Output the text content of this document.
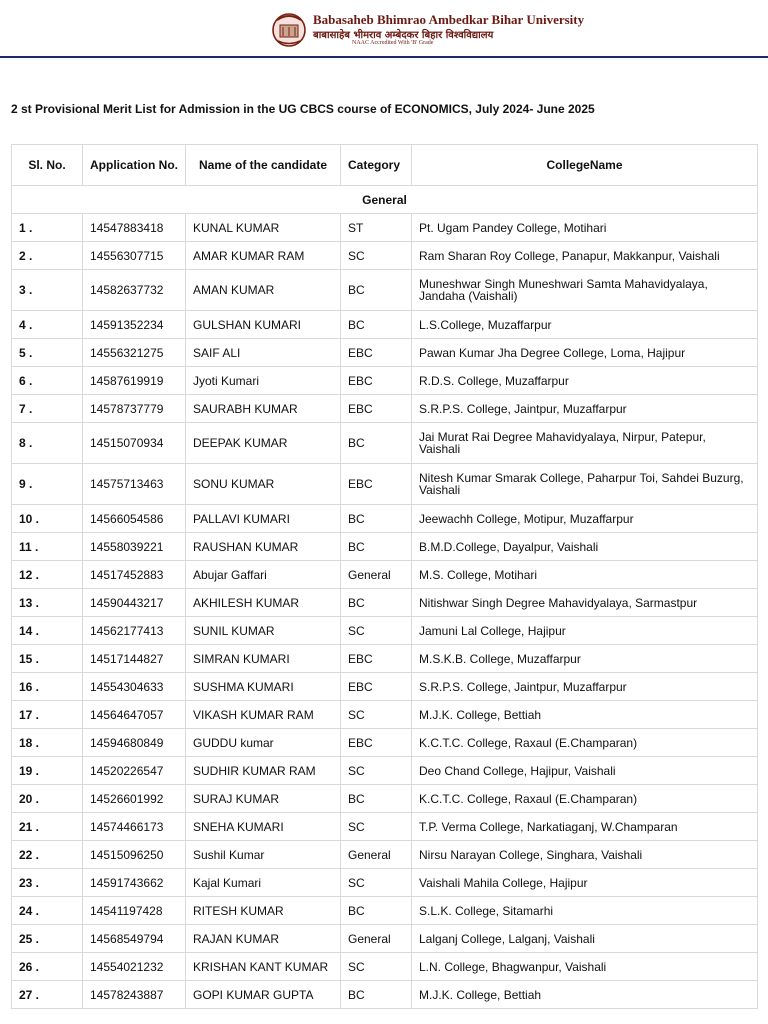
Babasaheb Bhimrao Ambedkar Bihar University
बाबासाहेब भीमराव अम्बेदकर बिहार विश्वविद्यालय
NAAC Accredited With 'B' Grade
2 st Provisional Merit List for Admission in the UG CBCS course of ECONOMICS, July 2024- June 2025
Sl. No.	Application No.	Name of the candidate	Category	CollegeName
General				
1 .	14547883418	KUNAL KUMAR	ST	Pt. Ugam Pandey College, Motihari
2 .	14556307715	AMAR KUMAR RAM	SC	Ram Sharan Roy College, Panapur, Makkanpur, Vaishali
3 .	14582637732	AMAN KUMAR	BC	Muneshwar Singh Muneshwari Samta Mahavidyalaya, Jandaha (Vaishali)
4 .	14591352234	GULSHAN KUMARI	BC	L.S.College, Muzaffarpur
5 .	14556321275	SAIF ALI	EBC	Pawan Kumar Jha Degree College, Loma, Hajipur
6 .	14587619919	Jyoti Kumari	EBC	R.D.S. College, Muzaffarpur
7 .	14578737779	SAURABH KUMAR	EBC	S.R.P.S. College, Jaintpur, Muzaffarpur
8 .	14515070934	DEEPAK KUMAR	BC	Jai Murat Rai Degree Mahavidyalaya, Nirpur, Patepur, Vaishali
9 .	14575713463	SONU KUMAR	EBC	Nitesh Kumar Smarak College, Paharpur Toi, Sahdei Buzurg, Vaishali
10 .	14566054586	PALLAVI KUMARI	BC	Jeewachh College, Motipur, Muzaffarpur
11 .	14558039221	RAUSHAN KUMAR	BC	B.M.D.College, Dayalpur, Vaishali
12 .	14517452883	Abujar Gaffari	General	M.S. College, Motihari
13 .	14590443217	AKHILESH KUMAR	BC	Nitishwar Singh Degree Mahavidyalaya, Sarmastpur
14 .	14562177413	SUNIL KUMAR	SC	Jamuni Lal College, Hajipur
15 .	14517144827	SIMRAN KUMARI	EBC	M.S.K.B. College, Muzaffarpur
16 .	14554304633	SUSHMA KUMARI	EBC	S.R.P.S. College, Jaintpur, Muzaffarpur
17 .	14564647057	VIKASH KUMAR RAM	SC	M.J.K. College, Bettiah
18 .	14594680849	GUDDU kumar	EBC	K.C.T.C. College, Raxaul (E.Champaran)
19 .	14520226547	SUDHIR KUMAR RAM	SC	Deo Chand College, Hajipur, Vaishali
20 .	14526601992	SURAJ KUMAR	BC	K.C.T.C. College, Raxaul (E.Champaran)
21 .	14574466173	SNEHA KUMARI	SC	T.P. Verma College, Narkatiaganj, W.Champaran
22 .	14515096250	Sushil Kumar	General	Nirsu Narayan College, Singhara, Vaishali
23 .	14591743662	Kajal Kumari	SC	Vaishali Mahila College, Hajipur
24 .	14541197428	RITESH KUMAR	BC	S.L.K. College, Sitamarhi
25 .	14568549794	RAJAN KUMAR	General	Lalganj College, Lalganj, Vaishali
26 .	14554021232	KRISHAN KANT KUMAR	SC	L.N. College, Bhagwanpur, Vaishali
27 .	14578243887	GOPI KUMAR GUPTA	BC	M.J.K. College, Bettiah
